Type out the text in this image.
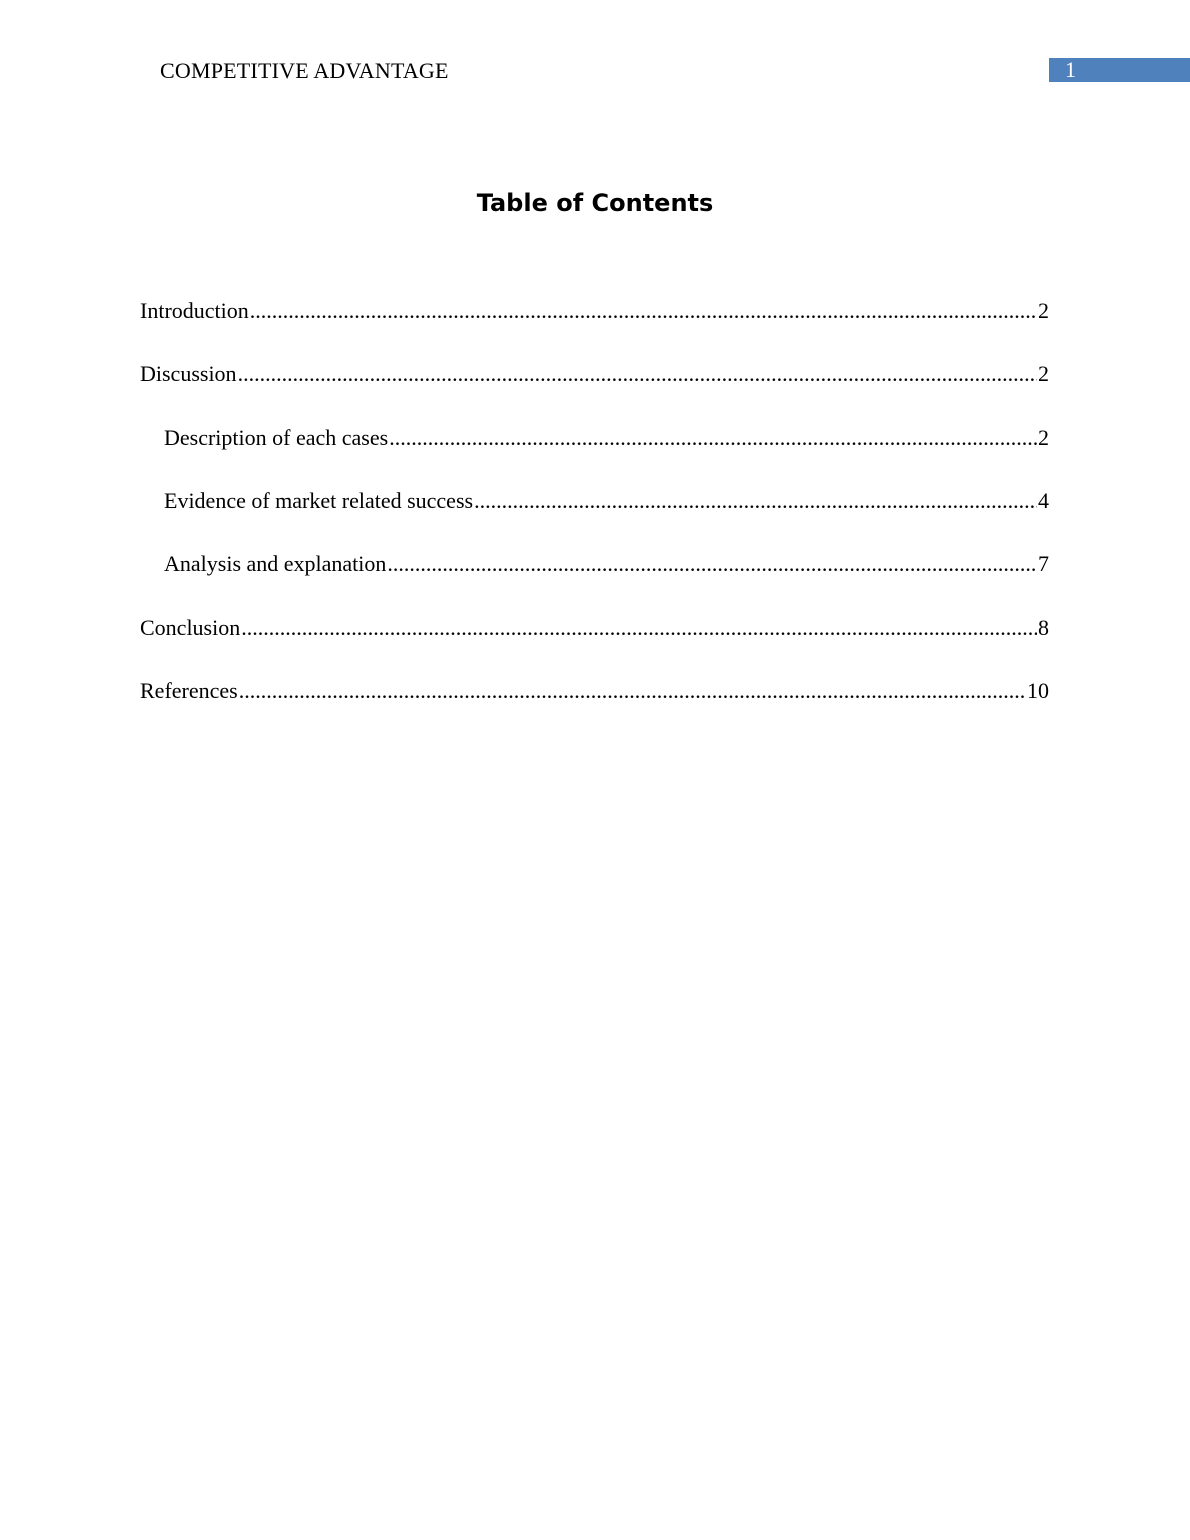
COMPETITIVE ADVANTAGE	1
Table of Contents
Introduction .....	2
Discussion .....	2
Description of each cases .....	2
Evidence of market related success .....	4
Analysis and explanation .....	7
Conclusion .....	8
References .....	10
